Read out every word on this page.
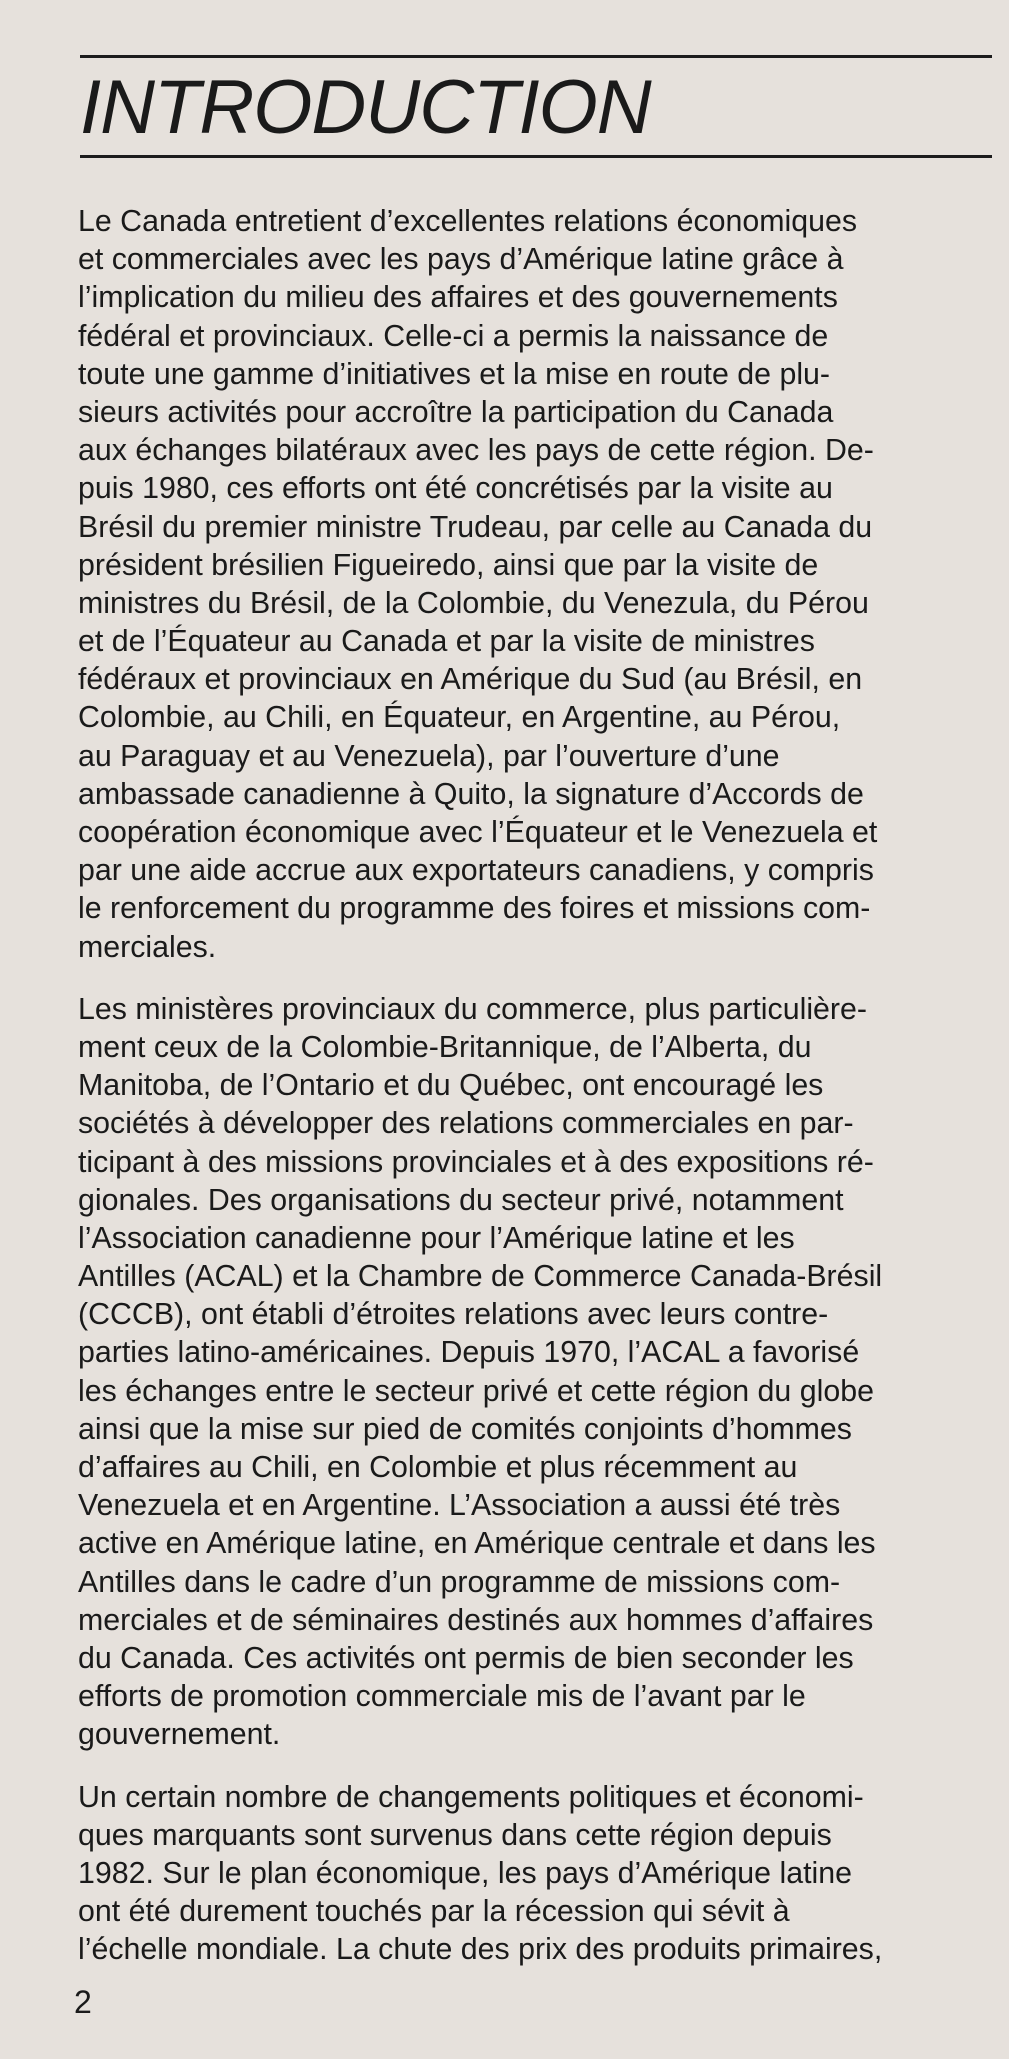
INTRODUCTION
Le Canada entretient d’excellentes relations économiques
et commerciales avec les pays d’Amérique latine grâce à
l’implication du milieu des affaires et des gouvernements
fédéral et provinciaux. Celle-ci a permis la naissance de
toute une gamme d’initiatives et la mise en route de plu-
sieurs activités pour accroître la participation du Canada
aux échanges bilatéraux avec les pays de cette région. De-
puis 1980, ces efforts ont été concrétisés par la visite au
Brésil du premier ministre Trudeau, par celle au Canada du
président brésilien Figueiredo, ainsi que par la visite de
ministres du Brésil, de la Colombie, du Venezula, du Pérou
et de l’Équateur au Canada et par la visite de ministres
fédéraux et provinciaux en Amérique du Sud (au Brésil, en
Colombie, au Chili, en Équateur, en Argentine, au Pérou,
au Paraguay et au Venezuela), par l’ouverture d’une
ambassade canadienne à Quito, la signature d’Accords de
coopération économique avec l’Équateur et le Venezuela et
par une aide accrue aux exportateurs canadiens, y compris
le renforcement du programme des foires et missions com-
merciales.
Les ministères provinciaux du commerce, plus particulière-
ment ceux de la Colombie-Britannique, de l’Alberta, du
Manitoba, de l’Ontario et du Québec, ont encouragé les
sociétés à développer des relations commerciales en par-
ticipant à des missions provinciales et à des expositions ré-
gionales. Des organisations du secteur privé, notamment
l’Association canadienne pour l’Amérique latine et les
Antilles (ACAL) et la Chambre de Commerce Canada-Brésil
(CCCB), ont établi d’étroites relations avec leurs contre-
parties latino-américaines. Depuis 1970, l’ACAL a favorisé
les échanges entre le secteur privé et cette région du globe
ainsi que la mise sur pied de comités conjoints d’hommes
d’affaires au Chili, en Colombie et plus récemment au
Venezuela et en Argentine. L’Association a aussi été très
active en Amérique latine, en Amérique centrale et dans les
Antilles dans le cadre d’un programme de missions com-
merciales et de séminaires destinés aux hommes d’affaires
du Canada. Ces activités ont permis de bien seconder les
efforts de promotion commerciale mis de l’avant par le
gouvernement.
Un certain nombre de changements politiques et économi-
ques marquants sont survenus dans cette région depuis
1982. Sur le plan économique, les pays d’Amérique latine
ont été durement touchés par la récession qui sévit à
l’échelle mondiale. La chute des prix des produits primaires,
2
